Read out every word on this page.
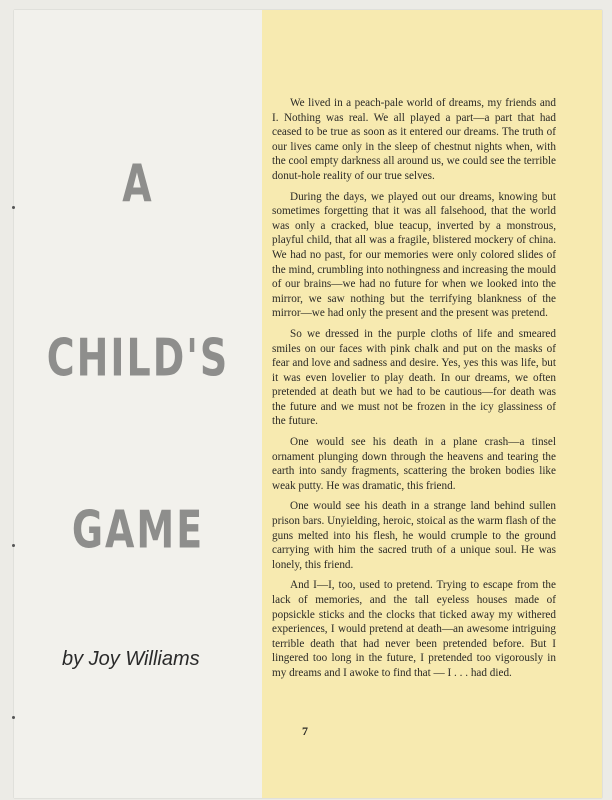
A
CHILD'S
GAME
by Joy Williams

We lived in a peach-pale world of dreams, my friends and I. Nothing was real. We all played a part—a part that had ceased to be true as soon as it entered our dreams. The truth of our lives came only in the sleep of chestnut nights when, with the cool empty darkness all around us, we could see the terrible donut-hole reality of our true selves.

During the days, we played out our dreams, knowing but sometimes forgetting that it was all falsehood, that the world was only a cracked, blue teacup, inverted by a monstrous, playful child, that all was a fragile, blistered mockery of china. We had no past, for our memories were only colored slides of the mind, crumbling into nothingness and increasing the mould of our brains—we had no future for when we looked into the mirror, we saw nothing but the terrifying blankness of the mirror—we had only the present and the present was pretend.

So we dressed in the purple cloths of life and smeared smiles on our faces with pink chalk and put on the masks of fear and love and sadness and desire. Yes, yes this was life, but it was even lovelier to play death. In our dreams, we often pretended at death but we had to be cautious—for death was the future and we must not be frozen in the icy glassiness of the future.

One would see his death in a plane crash—a tinsel ornament plunging down through the heavens and tearing the earth into sandy fragments, scattering the broken bodies like weak putty. He was dramatic, this friend.

One would see his death in a strange land behind sullen prison bars. Unyielding, heroic, stoical as the warm flash of the guns melted into his flesh, he would crumple to the ground carrying with him the sacred truth of a unique soul. He was lonely, this friend.

And I—I, too, used to pretend. Trying to escape from the lack of memories, and the tall eyeless houses made of popsickle sticks and the clocks that ticked away my withered experiences, I would pretend at death—an awesome intriguing terrible death that had never been pretended before. But I lingered too long in the future, I pretended too vigorously in my dreams and I awoke to find that — I . . . had died.

7
